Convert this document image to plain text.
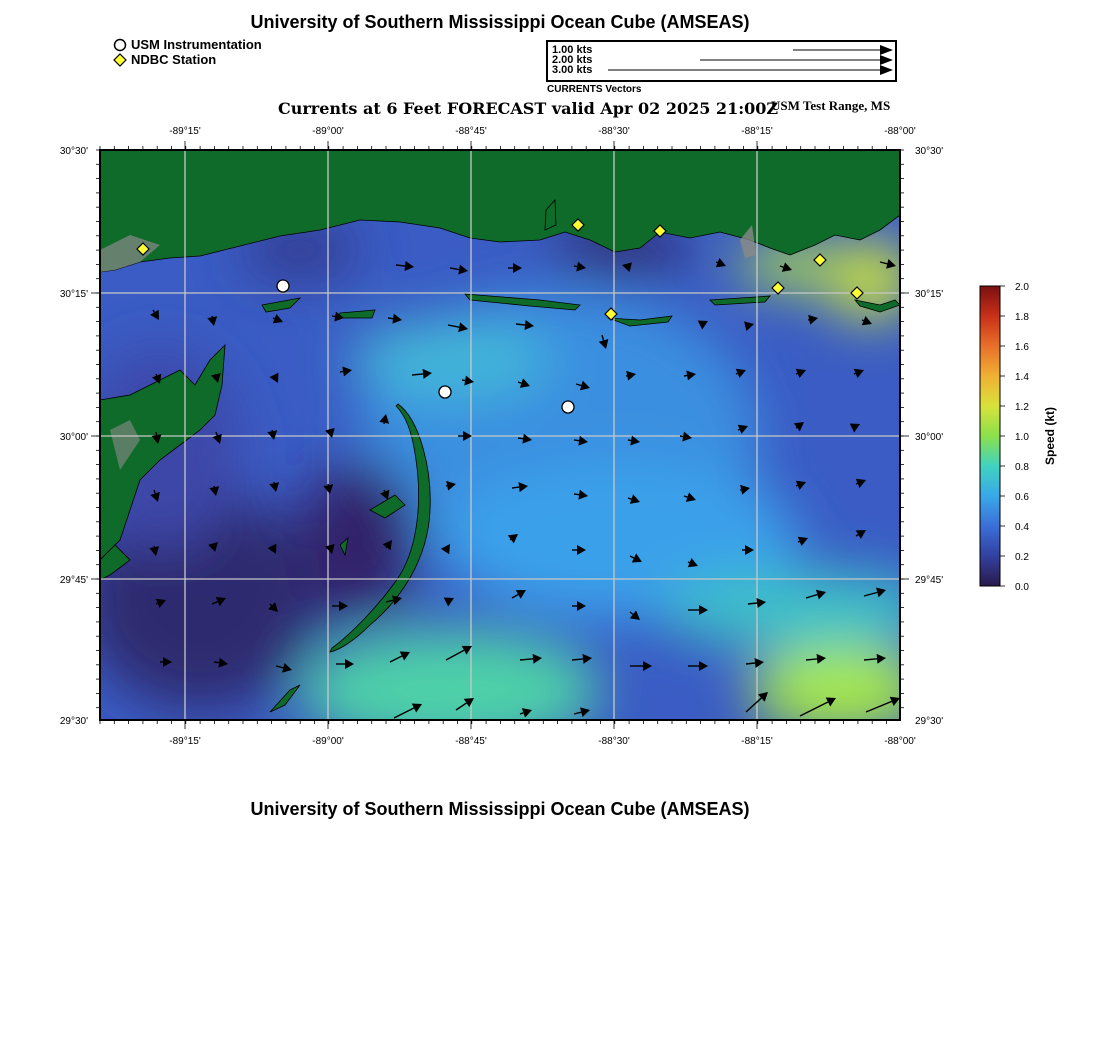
University of Southern Mississippi Ocean Cube (AMSEAS)
USM Instrumentation
NDBC Station
1.00 kts
2.00 kts
3.00 kts
CURRENTS Vectors
Currents at 6 Feet FORECAST valid Apr 02 2025 21:00Z
USM Test Range, MS
-89°15'	-89°00'	-88°45'	-88°30'	-88°15'	-88°00'
-89°15'	-89°00'	-88°45'	-88°30'	-88°15'	-88°00'
30°30'
30°15'
30°00'
29°45'
29°30'
30°30'
30°15'
30°00'
29°45'
29°30'
0.0
0.2
0.4
0.6
0.8
1.0
1.2
1.4
1.6
1.8
2.0
Speed (kt)
University of Southern Mississippi Ocean Cube (AMSEAS)
